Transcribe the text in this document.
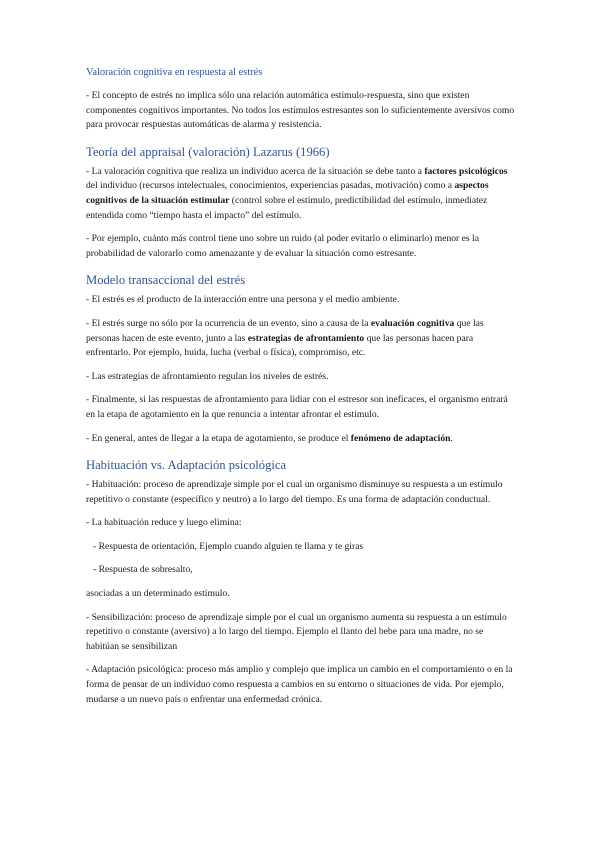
Valoración cognitiva en respuesta al estrés

- El concepto de estrés no implica sólo una relación automática estímulo-respuesta, sino que existen componentes cognitivos importantes. No todos los estímulos estresantes son lo suficientemente aversivos como para provocar respuestas automáticas de alarma y resistencia.

Teoría del appraisal (valoración) Lazarus (1966)

- La valoración cognitiva que realiza un individuo acerca de la situación se debe tanto a factores psicológicos del individuo (recursos intelectuales, conocimientos, experiencias pasadas, motivación) como a aspectos cognitivos de la situación estimular (control sobre el estímulo, predictibilidad del estímulo, inmediatez entendida como “tiempo hasta el impacto” del estímulo.

- Por ejemplo, cuánto más control tiene uno sobre un ruido (al poder evitarlo o eliminarlo) menor es la probabilidad de valorarlo como amenazante y de evaluar la situación como estresante.

Modelo transaccional del estrés

- El estrés es el producto de la interacción entre una persona y el medio ambiente.

- El estrés surge no sólo por la ocurrencia de un evento, sino a causa de la evaluación cognitiva que las personas hacen de este evento, junto a las estrategias de afrontamiento que las personas hacen para enfrentarlo. Por ejemplo, huida, lucha (verbal o física), compromiso, etc.

- Las estrategias de afrontamiento regulan los niveles de estrés.

- Finalmente, si las respuestas de afrontamiento para lidiar con el estresor son ineficaces, el organismo entrará en la etapa de agotamiento en la que renuncia a intentar afrontar el estímulo.

- En general, antes de llegar a la etapa de agotamiento, se produce el fenómeno de adaptación.

Habituación vs. Adaptación psicológica

- Habituación: proceso de aprendizaje simple por el cual un organismo disminuye su respuesta a un estímulo repetitivo o constante (específico y neutro) a lo largo del tiempo. Es una forma de adaptación conductual.

- La habituación reduce y luego elimina:

- Respuesta de orientación, Ejemplo cuando alguien te llama y te giras

- Respuesta de sobresalto,

asociadas a un determinado estímulo.

- Sensibilización: proceso de aprendizaje simple por el cual un organismo aumenta su respuesta a un estímulo repetitivo o constante (aversivo) a lo largo del tiempo. Ejemplo el llanto del bebe para una madre, no se habitúan se sensibilizan

- Adaptación psicológica: proceso más amplio y complejo que implica un cambio en el comportamiento o en la forma de pensar de un individuo como respuesta a cambios en su entorno o situaciones de vida. Por ejemplo, mudarse a un nuevo país o enfrentar una enfermedad crónica.
